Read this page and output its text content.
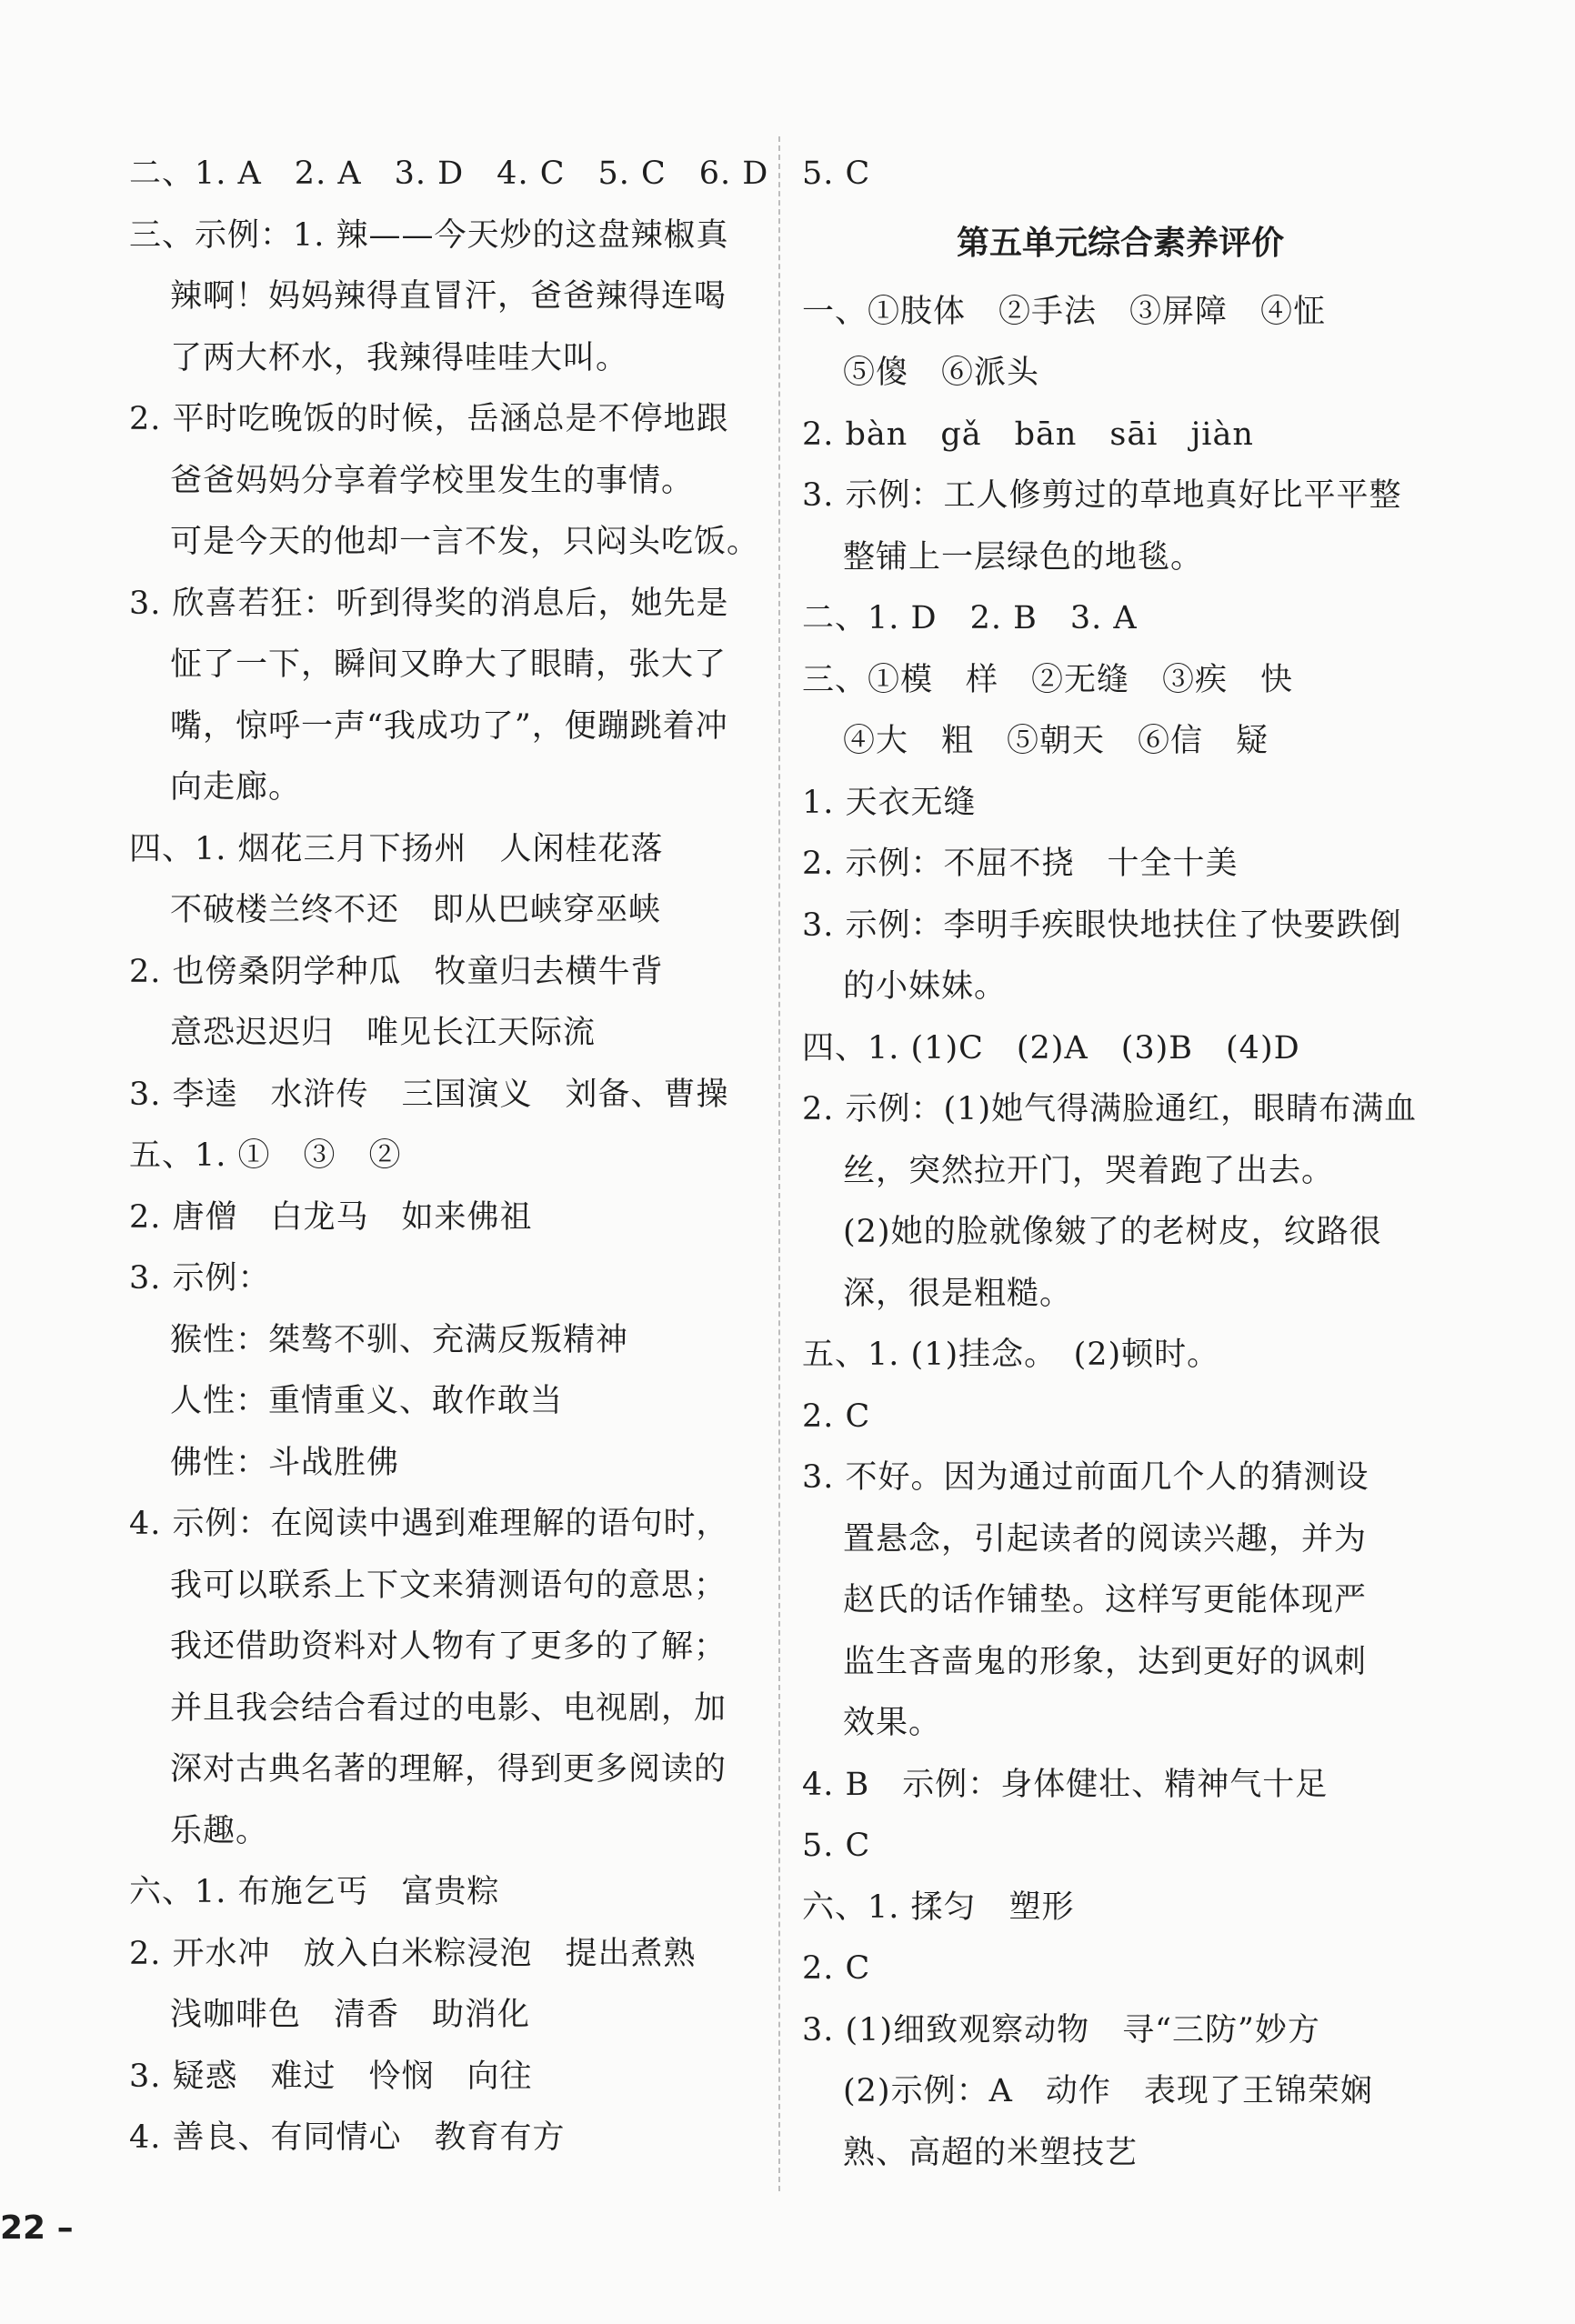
二、1. A　2. A　3. D　4. C　5. C　6. D
三、示例：1. 辣——今天炒的这盘辣椒真
辣啊！妈妈辣得直冒汗，爸爸辣得连喝
了两大杯水，我辣得哇哇大叫。
2. 平时吃晚饭的时候，岳涵总是不停地跟
爸爸妈妈分享着学校里发生的事情。
可是今天的他却一言不发，只闷头吃饭。
3. 欣喜若狂：听到得奖的消息后，她先是
怔了一下，瞬间又睁大了眼睛，张大了
嘴，惊呼一声“我成功了”，便蹦跳着冲
向走廊。
四、1. 烟花三月下扬州　人闲桂花落
不破楼兰终不还　即从巴峡穿巫峡
2. 也傍桑阴学种瓜　牧童归去横牛背
意恐迟迟归　唯见长江天际流
3. 李逵　水浒传　三国演义　刘备、曹操
五、1. ①　③　②
2. 唐僧　白龙马　如来佛祖
3. 示例：
猴性：桀骜不驯、充满反叛精神
人性：重情重义、敢作敢当
佛性：斗战胜佛
4. 示例：在阅读中遇到难理解的语句时，
我可以联系上下文来猜测语句的意思；
我还借助资料对人物有了更多的了解；
并且我会结合看过的电影、电视剧，加
深对古典名著的理解，得到更多阅读的
乐趣。
六、1. 布施乞丐　富贵粽
2. 开水冲　放入白米粽浸泡　提出煮熟
浅咖啡色　清香　助消化
3. 疑惑　难过　怜悯　向往
4. 善良、有同情心　教育有方
5. C
第五单元综合素养评价
一、①肢体　②手法　③屏障　④怔
⑤傻　⑥派头
2. bàn　gǎ　bān　sāi　jiàn
3. 示例：工人修剪过的草地真好比平平整
整铺上一层绿色的地毯。
二、1. D　2. B　3. A
三、①模　样　②无缝　③疾　快
④大　粗　⑤朝天　⑥信　疑
1. 天衣无缝
2. 示例：不屈不挠　十全十美
3. 示例：李明手疾眼快地扶住了快要跌倒
的小妹妹。
四、1. (1)C　(2)A　(3)B　(4)D
2. 示例：(1)她气得满脸通红，眼睛布满血
丝，突然拉开门，哭着跑了出去。
(2)她的脸就像皴了的老树皮，纹路很
深，很是粗糙。
五、1. (1)挂念。　(2)顿时。
2. C
3. 不好。因为通过前面几个人的猜测设
置悬念，引起读者的阅读兴趣，并为
赵氏的话作铺垫。这样写更能体现严
监生吝啬鬼的形象，达到更好的讽刺
效果。
4. B　示例：身体健壮、精神气十足
5. C
六、1. 揉匀　塑形
2. C
3. (1)细致观察动物　寻“三防”妙方
(2)示例：A　动作　表现了王锦荣娴
熟、高超的米塑技艺
22 –
